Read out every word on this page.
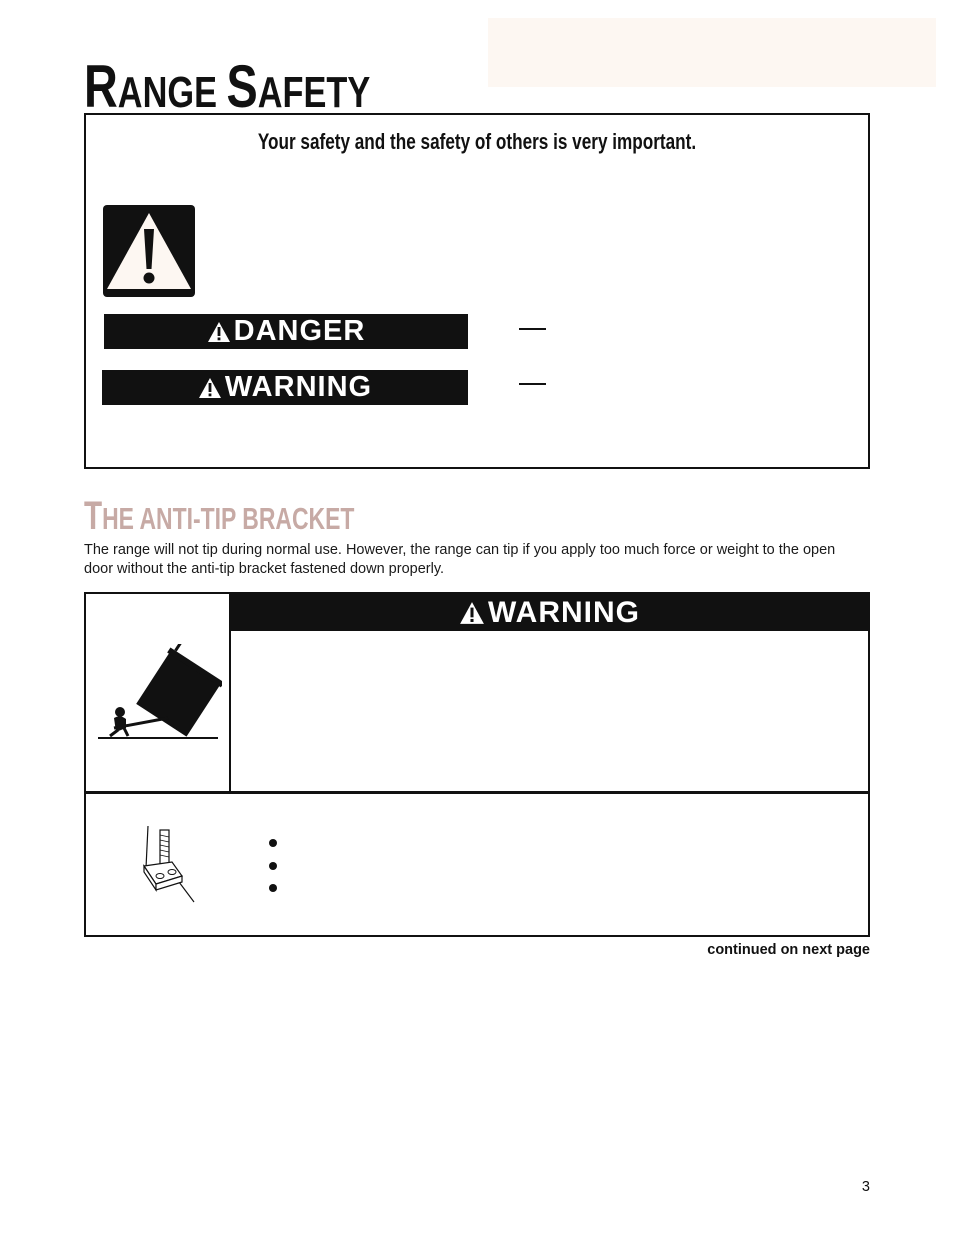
RANGE SAFETY
Your safety and the safety of others is very important.
DANGER
WARNING
THE ANTI-TIP BRACKET

The range will not tip during normal use. However, the range can tip if you apply too much force or weight to the open door without the anti-tip bracket fastened down properly.

WARNING
continued on next page
3
